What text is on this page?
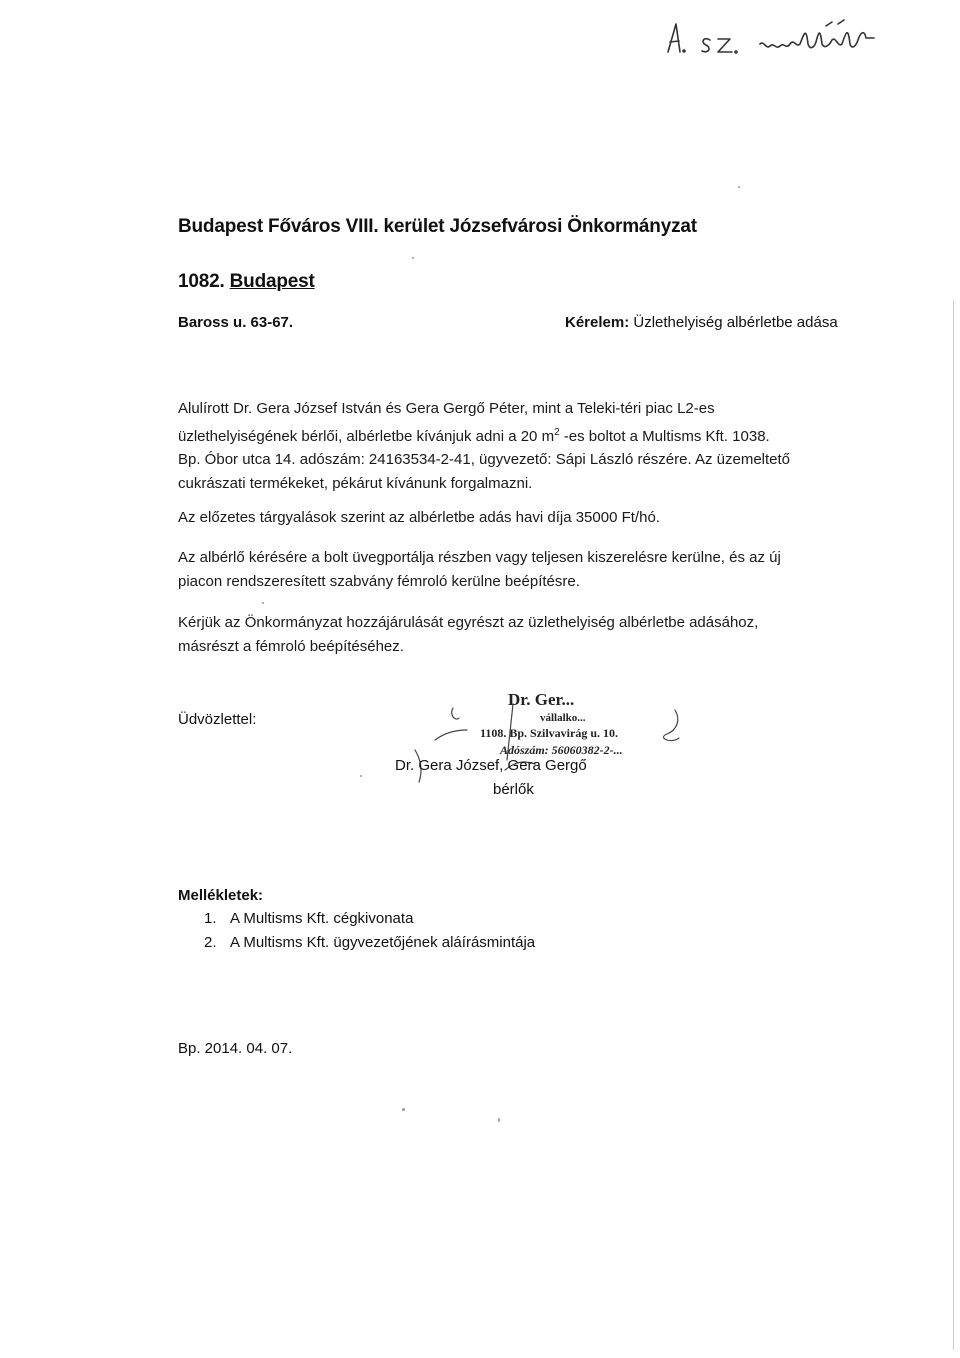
Budapest Főváros VIII. kerület Józsefvárosi Önkormányzat
1082. Budapest
Baross u. 63-67.	Kérelem: Üzlethelyiség albérletbe adása
Alulírott Dr. Gera József István és Gera Gergő Péter, mint a Teleki-téri piac L2-es
üzlethelyiségének bérlői, albérletbe kívánjuk adni a 20 $m^2$ -es boltot a Multisms Kft. 1038.
Bp. Óbor utca 14. adószám: 24163534-2-41, ügyvezető: Sápi László részére. Az üzemeltető
cukrászati termékeket, pékárut kívánunk forgalmazni.
Az előzetes tárgyalások szerint az albérletbe adás havi díja 35000 Ft/hó.
Az albérlő kérésére a bolt üvegportálja részben vagy teljesen kiszerelésre kerülne, és az új
piacon rendszeresített szabvány fémroló kerülne beépítésre.
Kérjük az Önkormányzat hozzájárulását egyrészt az üzlethelyiség albérletbe adásához,
másrészt a fémroló beépítéséhez.
Üdvözlettel:
Dr. Ger...
vállalko...
1108. Bp. Szilvavirág u. 10.
Adószám: 56060382-2-...
Dr. Gera József, Gera Gergő
bérlők
Mellékletek:
1. A Multisms Kft. cégkivonata
2. A Multisms Kft. ügyvezetőjének aláírásmintája
Bp. 2014. 04. 07.
